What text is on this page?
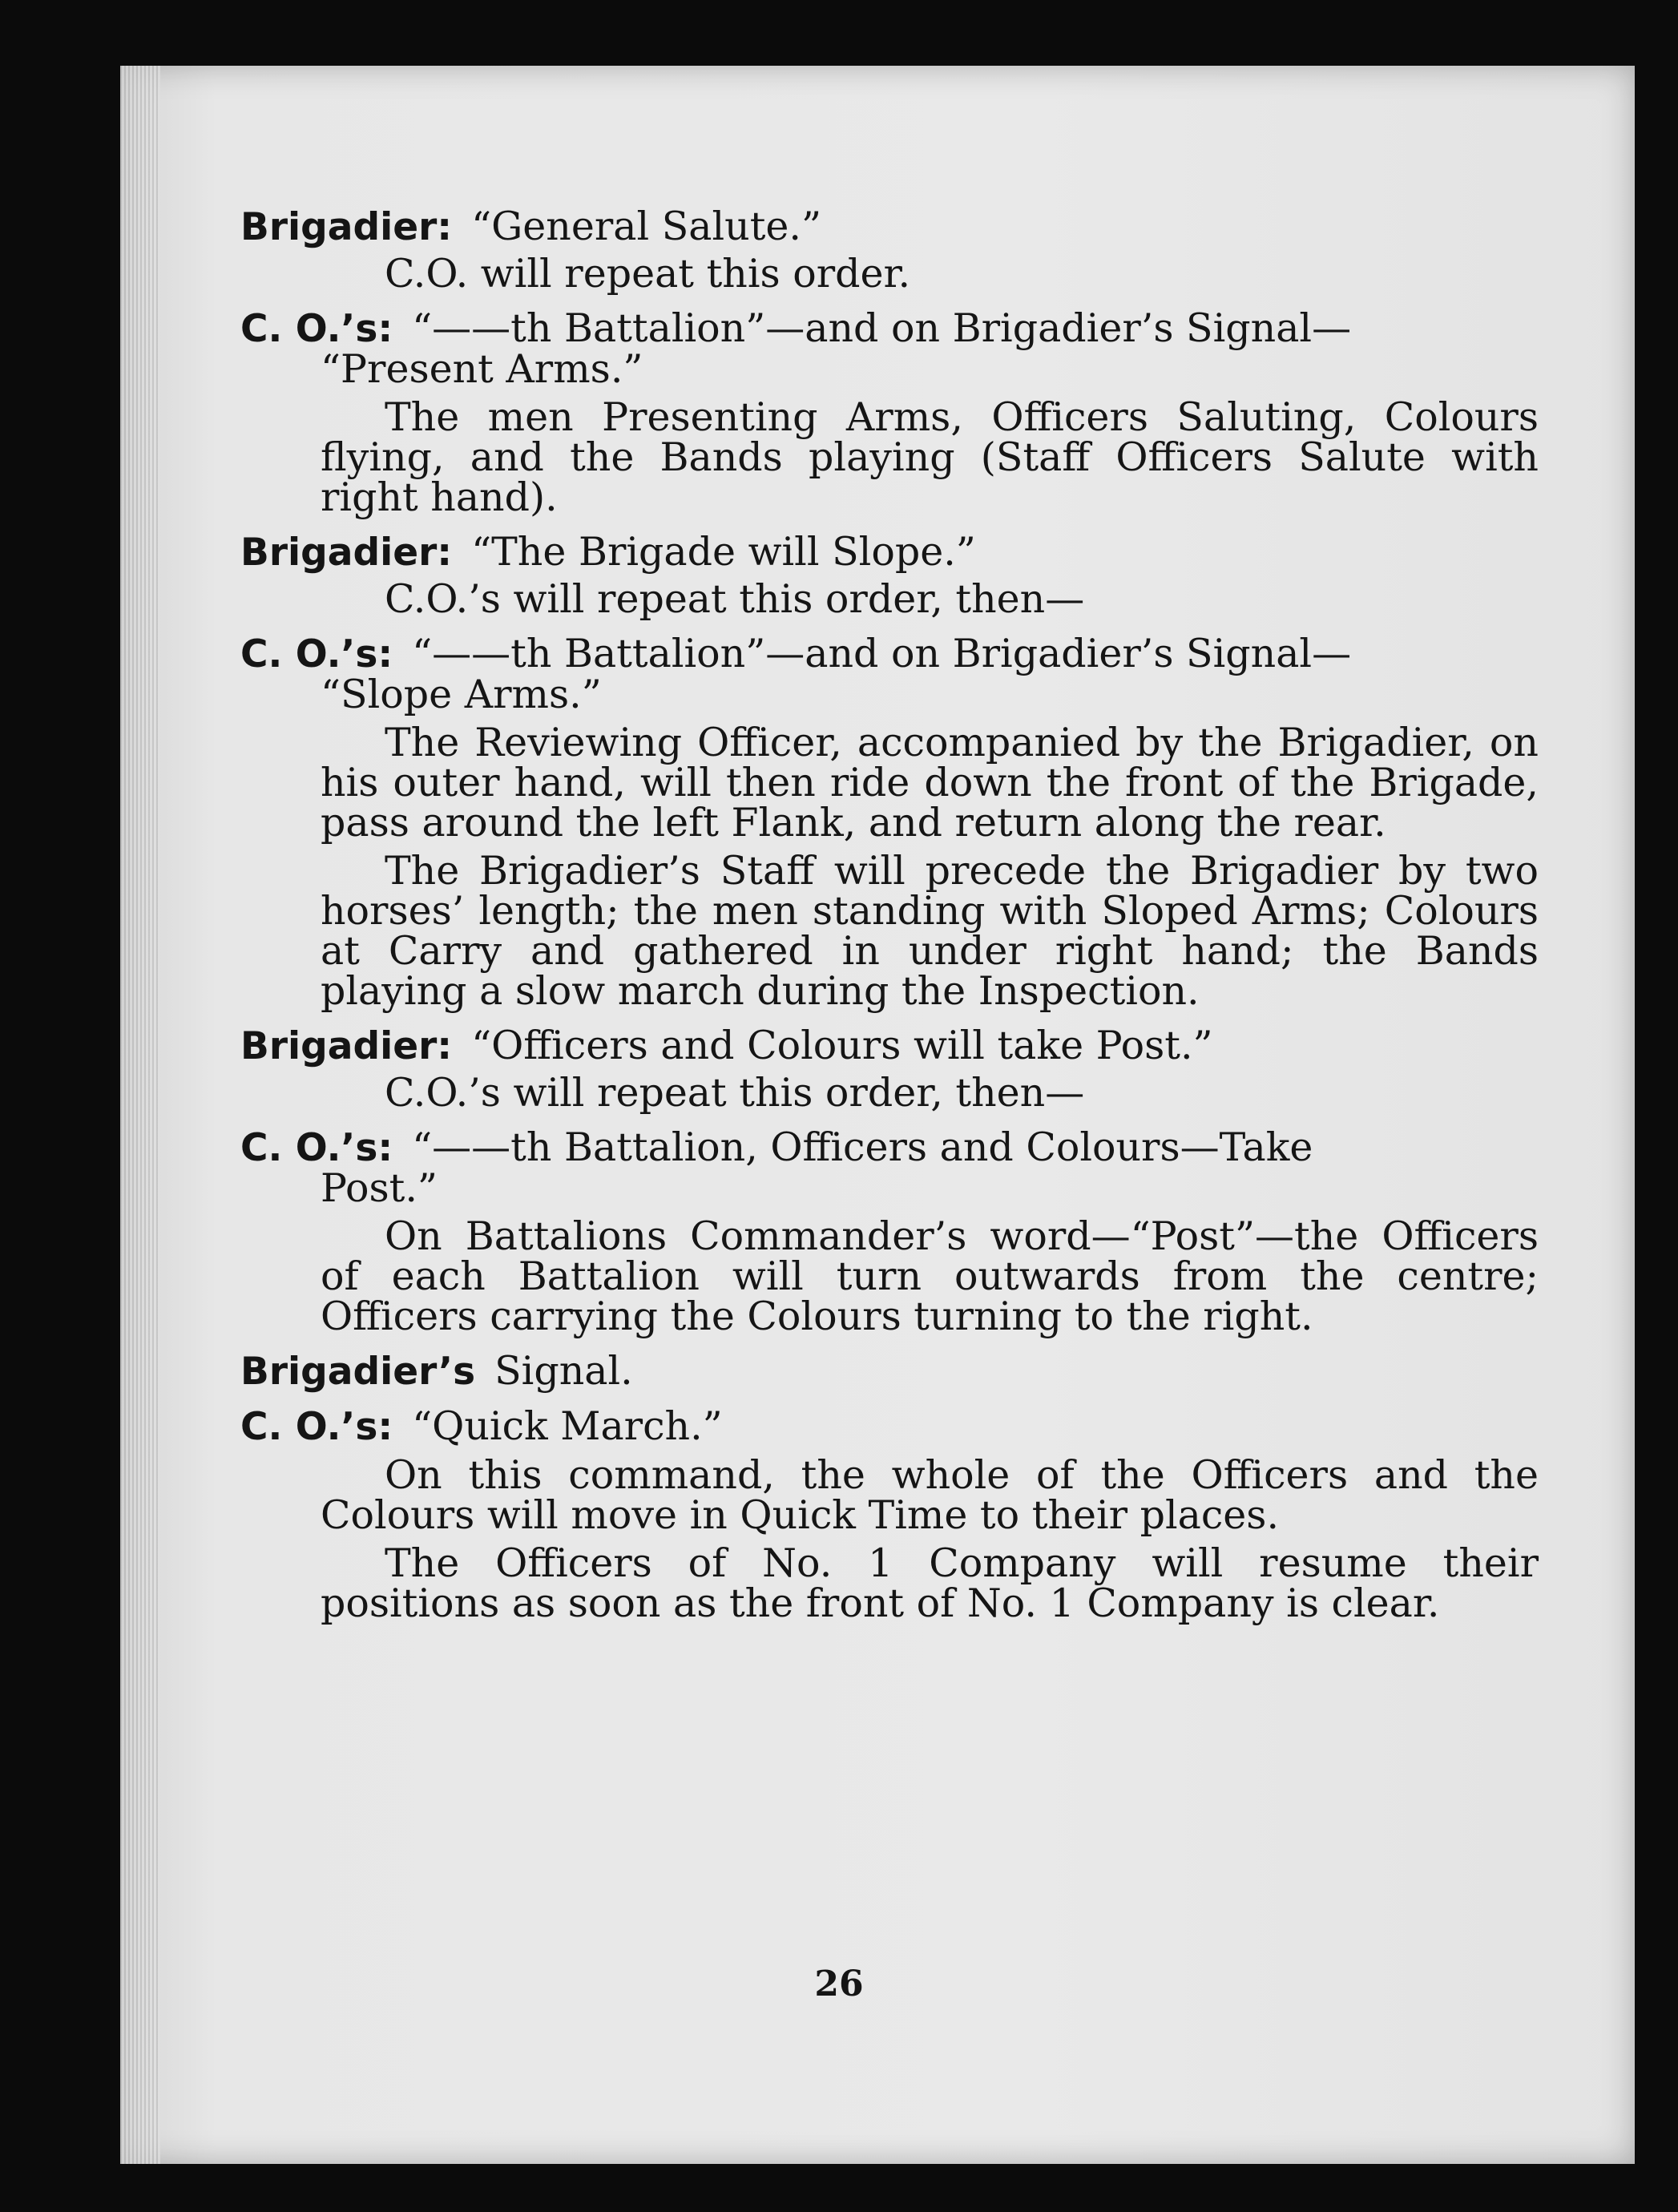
Brigadier: “General Salute.”
C.O. will repeat this order.
C. O.’s: “——th Battalion”—and on Brigadier’s Signal—
“Present Arms.”
The men Presenting Arms, Officers Saluting, Colours flying, and the Bands playing (Staff Officers Salute with right hand).
Brigadier: “The Brigade will Slope.”
C.O.’s will repeat this order, then—
C. O.’s: “——th Battalion”—and on Brigadier’s Signal—
“Slope Arms.”
The Reviewing Officer, accompanied by the Brigadier, on his outer hand, will then ride down the front of the Brigade, pass around the left Flank, and return along the rear.
The Brigadier’s Staff will precede the Brigadier by two horses’ length; the men standing with Sloped Arms; Colours at Carry and gathered in under right hand; the Bands playing a slow march during the Inspection.
Brigadier: “Officers and Colours will take Post.”
C.O.’s will repeat this order, then—
C. O.’s: “——th Battalion, Officers and Colours—Take
Post.”
On Battalions Commander’s word—“Post”—the Officers of each Battalion will turn outwards from the centre; Officers carrying the Colours turning to the right.
Brigadier’s Signal.
C. O.’s: “Quick March.”
On this command, the whole of the Officers and the Colours will move in Quick Time to their places.
The Officers of No. 1 Company will resume their positions as soon as the front of No. 1 Company is clear.
26
